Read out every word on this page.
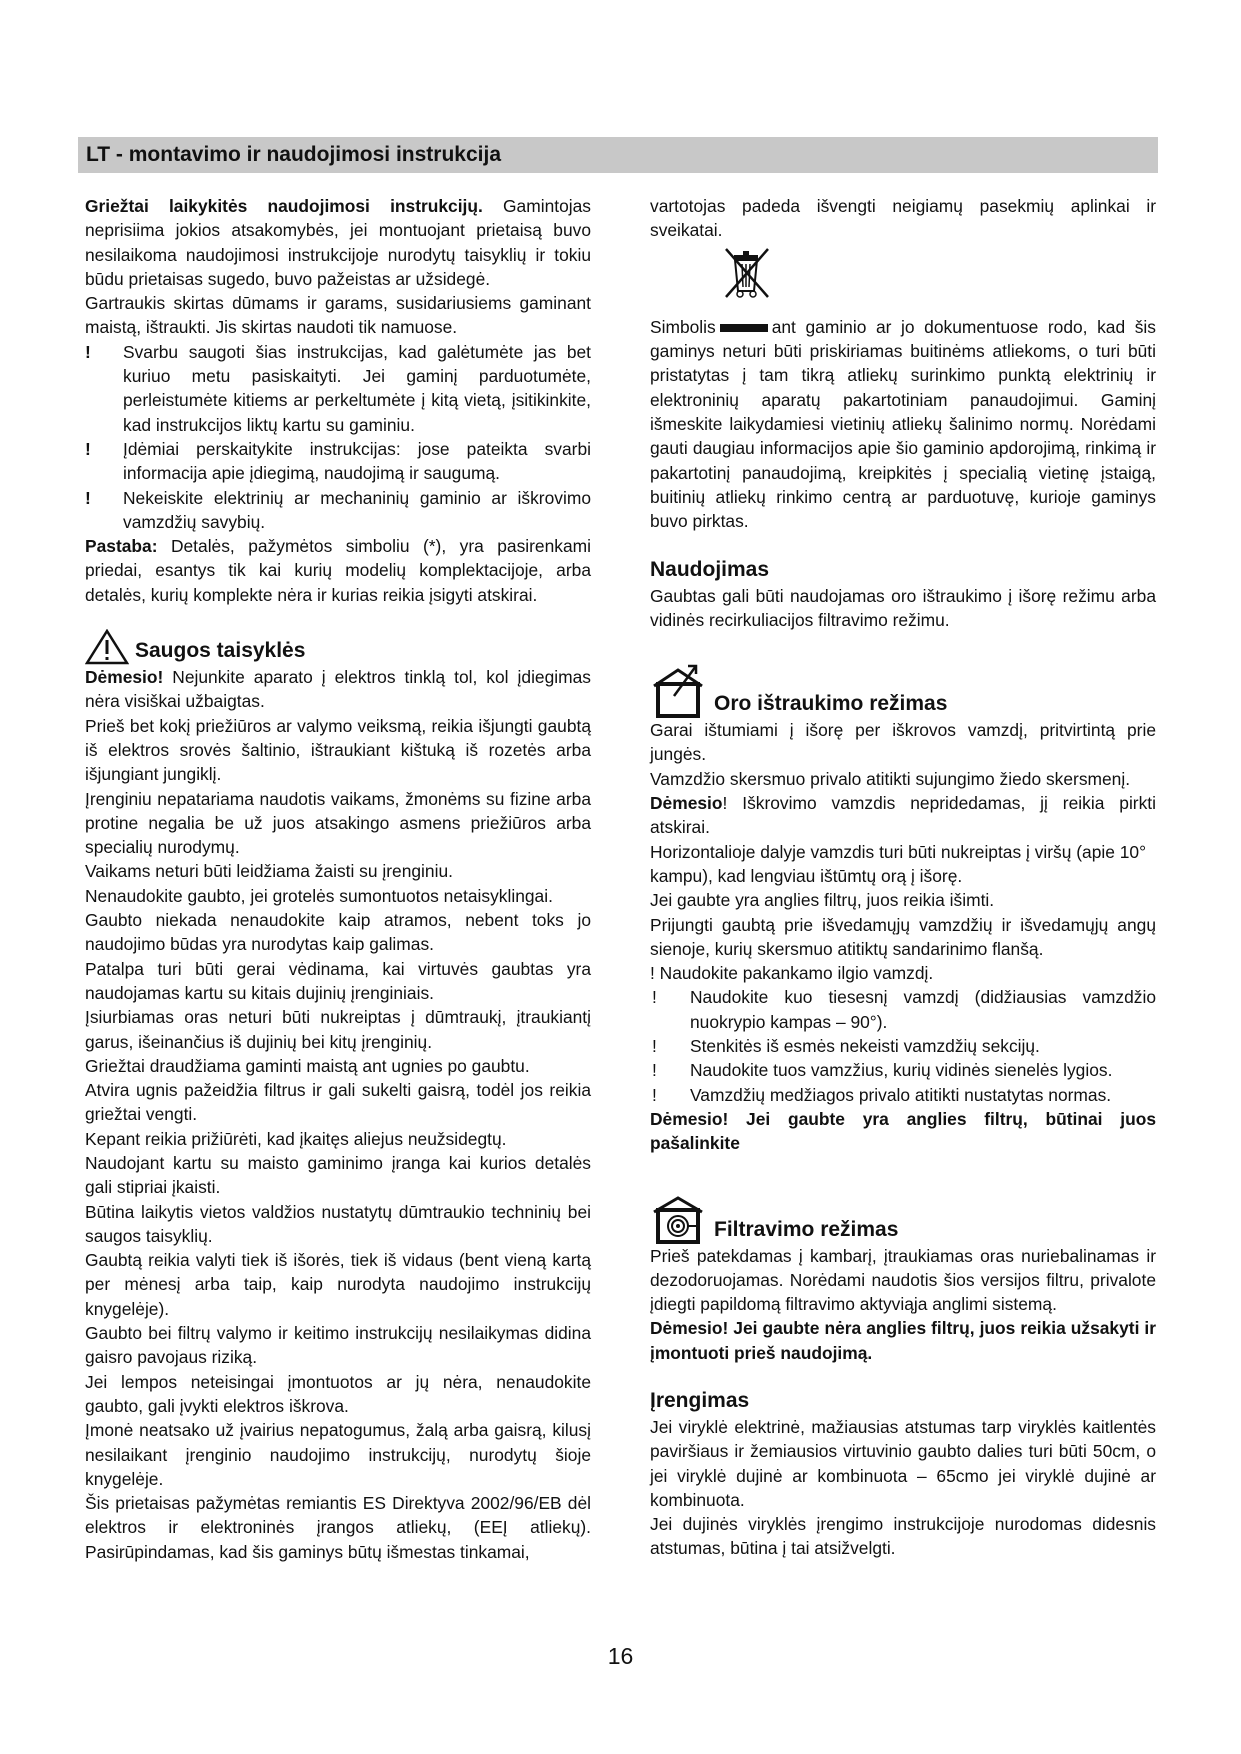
LT - montavimo ir naudojimosi instrukcija

Griežtai laikykitės naudojimosi instrukcijų. Gamintojas neprisiima jokios atsakomybės, jei montuojant prietaisą buvo nesilaikoma naudojimosi instrukcijoje nurodytų taisyklių ir tokiu būdu prietaisas sugedo, buvo pažeistas ar užsidegė.

Gartraukis skirtas dūmams ir garams, susidariusiems gaminant maistą, ištraukti. Jis skirtas naudoti tik namuose.

!	Svarbu saugoti šias instrukcijas, kad galėtumėte jas bet kuriuo metu pasiskaityti. Jei gaminį parduotumėte, perleistumėte kitiems ar perkeltumėte į kitą vietą, įsitikinkite, kad instrukcijos liktų kartu su gaminiu.
!	Įdėmiai perskaitykite instrukcijas: jose pateikta svarbi informacija apie įdiegimą, naudojimą ir saugumą.
!	Nekeiskite elektrinių ar mechaninių gaminio ar iškrovimo vamzdžių savybių.

Pastaba: Detalės, pažymėtos simboliu (*), yra pasirenkami priedai, esantys tik kai kurių modelių komplektacijoje, arba detalės, kurių komplekte nėra ir kurias reikia įsigyti atskirai.

Saugos taisyklės

Dėmesio! Nejunkite aparato į elektros tinklą tol, kol įdiegimas nėra visiškai užbaigtas.

Prieš bet kokį priežiūros ar valymo veiksmą, reikia išjungti gaubtą iš elektros srovės šaltinio, ištraukiant kištuką iš rozetės arba išjungiant jungiklį.

Įrenginiu nepatariama naudotis vaikams, žmonėms su fizine arba protine negalia be už juos atsakingo asmens priežiūros arba specialių nurodymų.

Vaikams neturi būti leidžiama žaisti su įrenginiu.

Nenaudokite gaubto, jei grotelės sumontuotos netaisyklingai.

Gaubto niekada nenaudokite kaip atramos, nebent toks jo naudojimo būdas yra nurodytas kaip galimas.

Patalpa turi būti gerai vėdinama, kai virtuvės gaubtas yra naudojamas kartu su kitais dujinių įrenginiais.

Įsiurbiamas oras neturi būti nukreiptas į dūmtraukį, įtraukiantį garus, išeinančius iš dujinių bei kitų įrenginių.

Griežtai draudžiama gaminti maistą ant ugnies po gaubtu.

Atvira ugnis pažeidžia filtrus ir gali sukelti gaisrą, todėl jos reikia griežtai vengti.

Kepant reikia prižiūrėti, kad įkaitęs aliejus neužsidegtų.

Naudojant kartu su maisto gaminimo įranga kai kurios detalės gali stipriai įkaisti.

Būtina laikytis vietos valdžios nustatytų dūmtraukio techninių bei saugos taisyklių.

Gaubtą reikia valyti tiek iš išorės, tiek iš vidaus (bent vieną kartą per mėnesį arba taip, kaip nurodyta naudojimo instrukcijų knygelėje).

Gaubto bei filtrų valymo ir keitimo instrukcijų nesilaikymas didina gaisro pavojaus riziką.

Jei lempos neteisingai įmontuotos ar jų nėra, nenaudokite gaubto, gali įvykti elektros iškrova.

Įmonė neatsako už įvairius nepatogumus, žalą arba gaisrą, kilusį nesilaikant įrenginio naudojimo instrukcijų, nurodytų šioje knygelėje.

Šis prietaisas pažymėtas remiantis ES Direktyva 2002/96/EB dėl elektros ir elektroninės įrangos atliekų, (EEĮ atliekų). Pasirūpindamas, kad šis gaminys būtų išmestas tinkamai,

vartotojas padeda išvengti neigiamų pasekmių aplinkai ir sveikatai.

Simbolis	ant gaminio ar jo dokumentuose rodo, kad šis gaminys neturi būti priskiriamas buitinėms atliekoms, o turi būti pristatytas į tam tikrą atliekų surinkimo punktą elektrinių ir elektroninių aparatų pakartotiniam panaudojimui. Gaminį išmeskite laikydamiesi vietinių atliekų šalinimo normų. Norėdami gauti daugiau informacijos apie šio gaminio apdorojimą, rinkimą ir pakartotinį panaudojimą, kreipkitės į specialią vietinę įstaigą, buitinių atliekų rinkimo centrą ar parduotuvę, kurioje gaminys buvo pirktas.

Naudojimas

Gaubtas gali būti naudojamas oro ištraukimo į išorę režimu arba vidinės recirkuliacijos filtravimo režimu.

Oro ištraukimo režimas

Garai ištumiami į išorę per iškrovos vamzdį, pritvirtintą prie jungės.

Vamzdžio skersmuo privalo atitikti sujungimo žiedo skersmenį.

Dėmesio! Iškrovimo vamzdis nepridedamas, jį reikia pirkti atskirai.

Horizontalioje dalyje vamzdis turi būti nukreiptas į viršų (apie 10° kampu), kad lengviau ištūmtų orą į išorę.

Jei gaubte yra anglies filtrų, juos reikia išimti.

Prijungti gaubtą prie išvedamųjų vamzdžių ir išvedamųjų angų sienoje, kurių skersmuo atitiktų sandarinimo flanšą.

! Naudokite pakankamo ilgio vamzdį.

!	Naudokite kuo tiesesnį vamzdį (didžiausias vamzdžio nuokrypio kampas – 90°).
!	Stenkitės iš esmės nekeisti vamzdžių sekcijų.
!	Naudokite tuos vamzžius, kurių vidinės sienelės lygios.
!	Vamzdžių medžiagos privalo atitikti nustatytas normas.

Dėmesio! Jei gaubte yra anglies filtrų, būtinai juos pašalinkite

Filtravimo režimas

Prieš patekdamas į kambarį, įtraukiamas oras nuriebalinamas ir dezodoruojamas. Norėdami naudotis šios versijos filtru, privalote įdiegti papildomą filtravimo aktyviąja anglimi sistemą.

Dėmesio! Jei gaubte nėra anglies filtrų, juos reikia užsakyti ir įmontuoti prieš naudojimą.

Įrengimas

Jei viryklė elektrinė, mažiausias atstumas tarp viryklės kaitlentės paviršiaus ir žemiausios virtuvinio gaubto dalies turi būti 50cm, o jei viryklė dujinė ar kombinuota – 65cmo jei viryklė dujinė ar kombinuota.

Jei dujinės viryklės įrengimo instrukcijoje nurodomas didesnis atstumas, būtina į tai atsižvelgti.

16
